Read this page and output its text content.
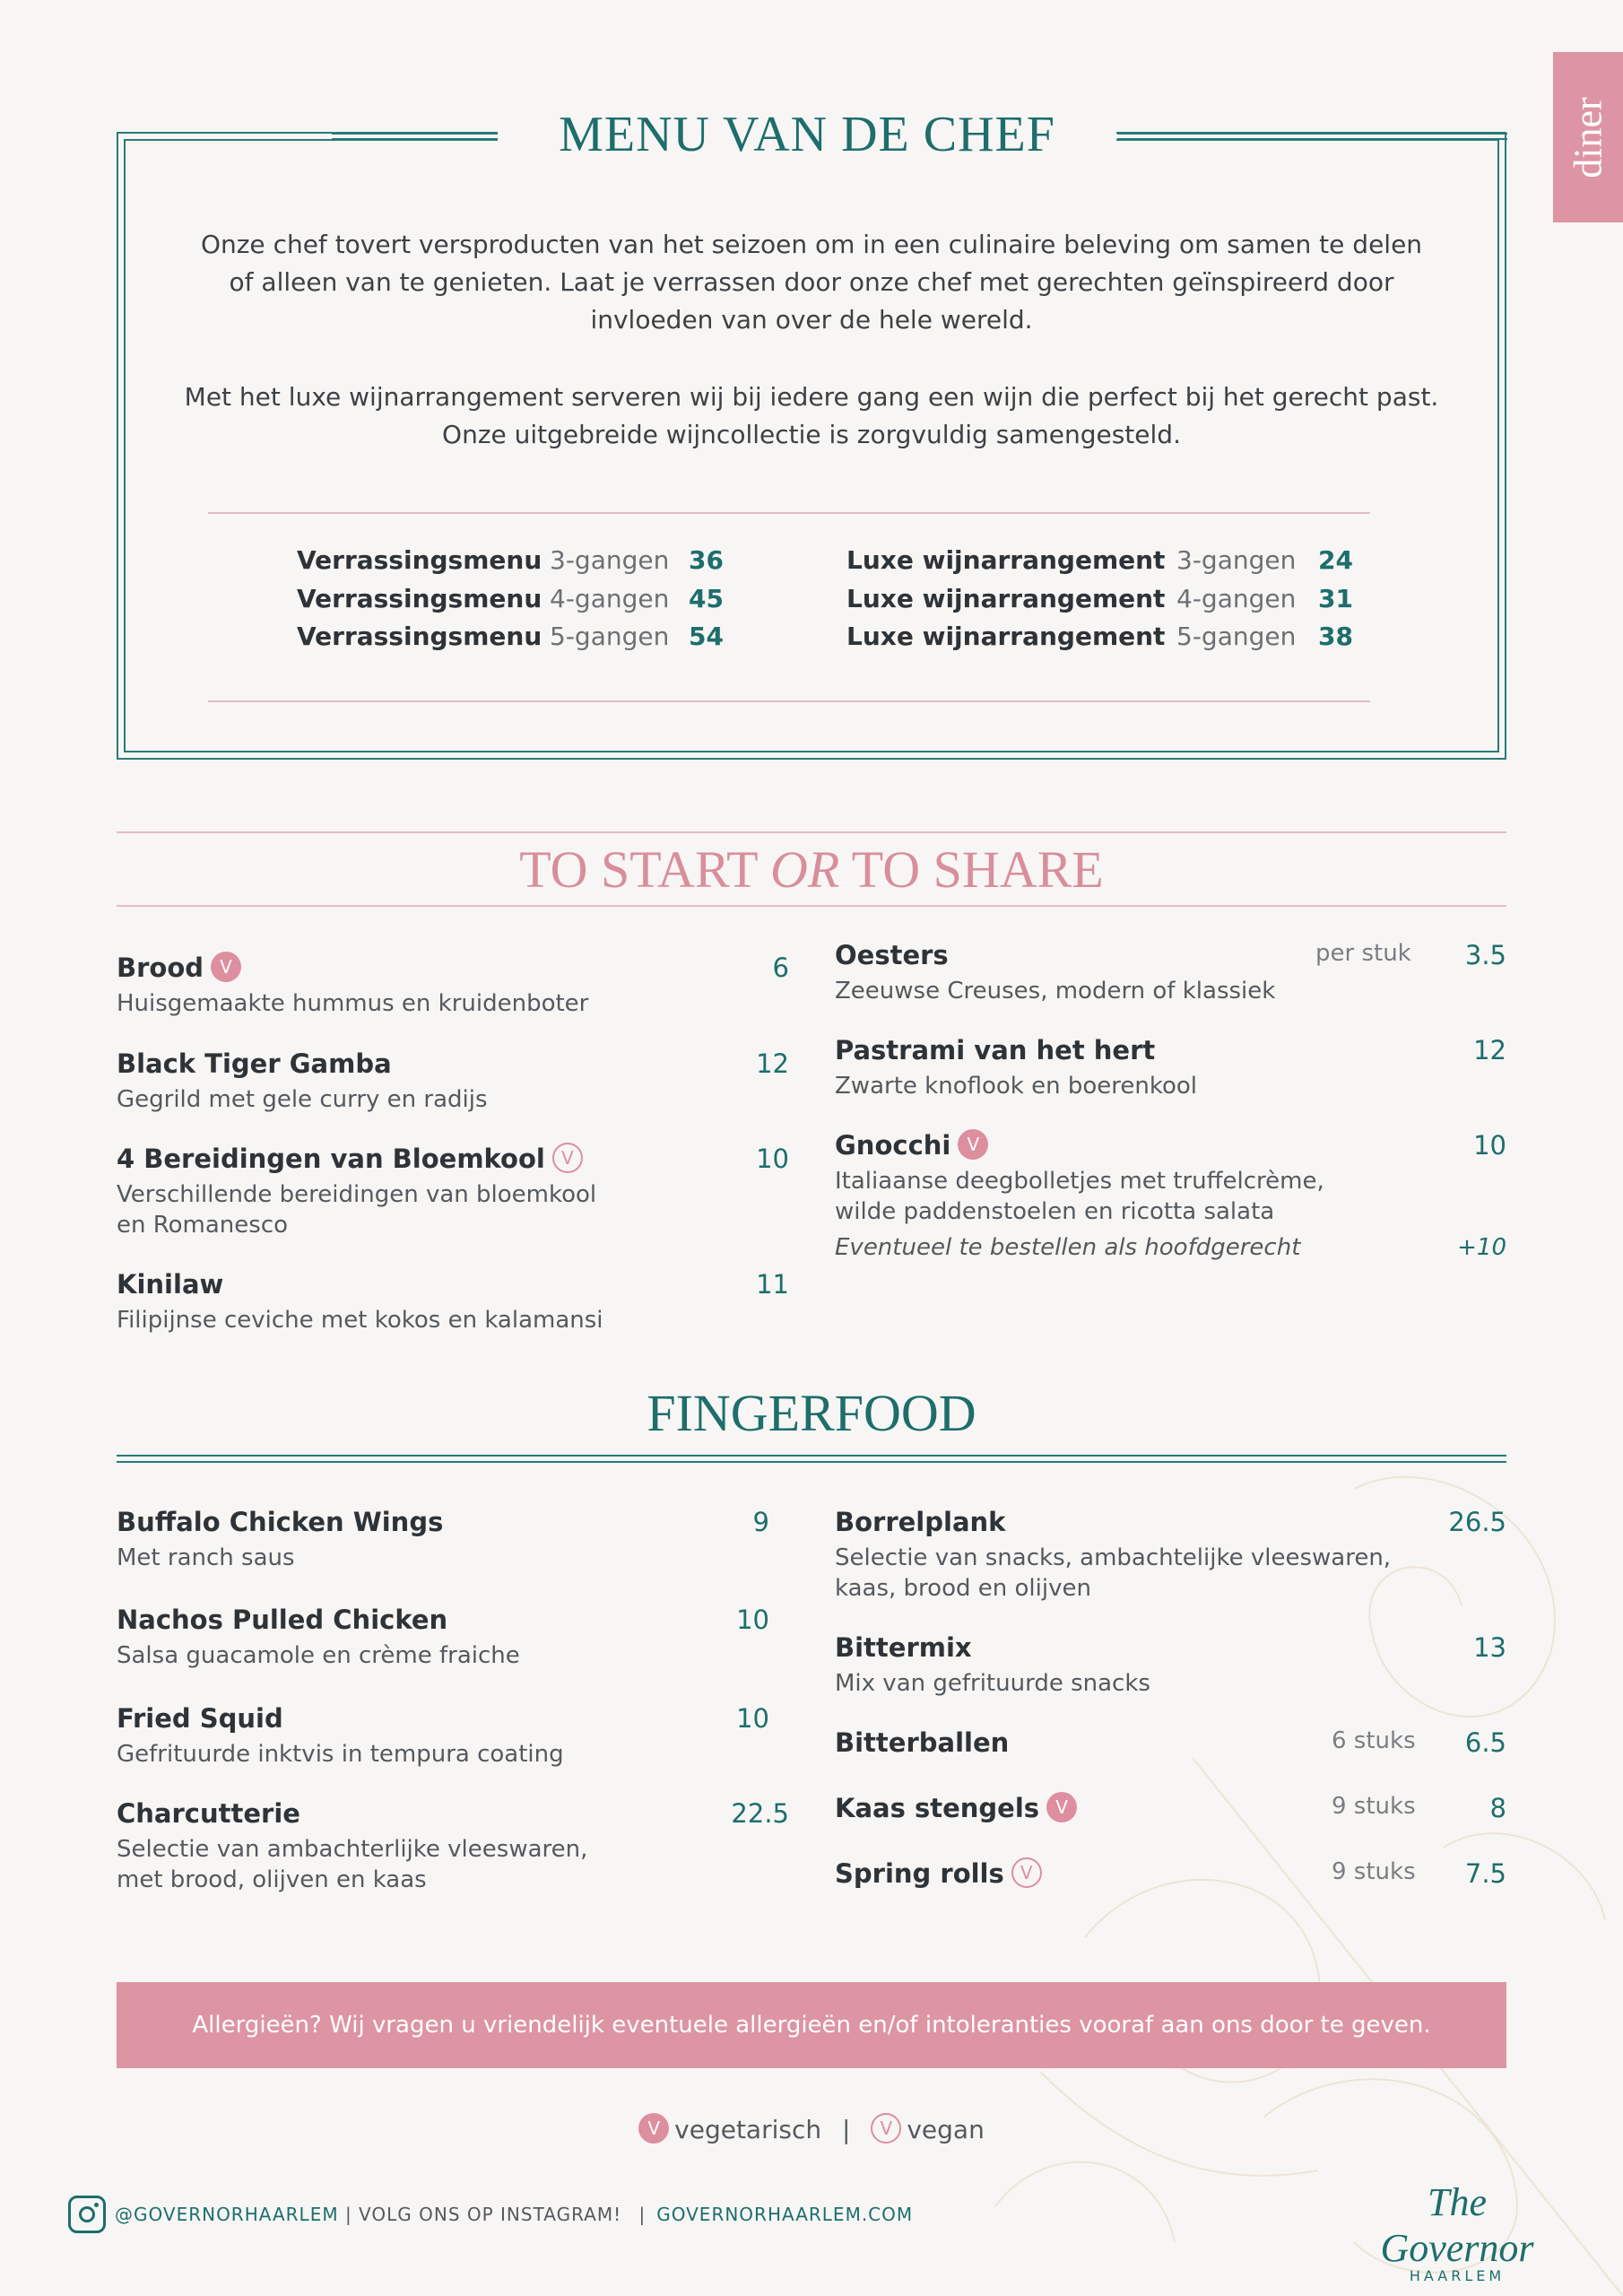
diner
MENU VAN DE CHEF
Onze chef tovert versproducten van het seizoen om in een culinaire beleving om samen te delen
of alleen van te genieten. Laat je verrassen door onze chef met gerechten geïnspireerd door
invloeden van over de hele wereld.
Met het luxe wijnarrangement serveren wij bij iedere gang een wijn die perfect bij het gerecht past.
Onze uitgebreide wijncollectie is zorgvuldig samengesteld.
Verrassingsmenu 3-gangen 36
Verrassingsmenu 4-gangen 45
Verrassingsmenu 5-gangen 54
Luxe wijnarrangement 3-gangen 24
Luxe wijnarrangement 4-gangen 31
Luxe wijnarrangement 5-gangen 38
TO START OR TO SHARE
Brood V	6
Huisgemaakte hummus en kruidenboter
Black Tiger Gamba	12
Gegrild met gele curry en radijs
4 Bereidingen van Bloemkool V	10
Verschillende bereidingen van bloemkool en Romanesco
Kinilaw	11
Filipijnse ceviche met kokos en kalamansi
Oesters	per stuk 3.5
Zeeuwse Creuses, modern of klassiek
Pastrami van het hert	12
Zwarte knoflook en boerenkool
Gnocchi V	10
Italiaanse deegbolletjes met truffelcrème, wilde paddenstoelen en ricotta salata
Eventueel te bestellen als hoofdgerecht	+10
FINGERFOOD
Buffalo Chicken Wings	9
Met ranch saus
Nachos Pulled Chicken	10
Salsa guacamole en crème fraiche
Fried Squid	10
Gefrituurde inktvis in tempura coating
Charcutterie	22.5
Selectie van ambachterlijke vleeswaren, met brood, olijven en kaas
Borrelplank	26.5
Selectie van snacks, ambachtelijke vleeswaren, kaas, brood en olijven
Bittermix	13
Mix van gefrituurde snacks
Bitterballen	6 stuks 6.5
Kaas stengels V	9 stuks	8
Spring rolls V	9 stuks 7.5
Allergieën? Wij vragen u vriendelijk eventuele allergieën en/of intoleranties vooraf aan ons door te geven.
V vegetarisch | V vegan
@GOVERNORHAARLEM | VOLG ONS OP INSTAGRAM! | GOVERNORHAARLEM.COM	The Governor
HAARLEM
